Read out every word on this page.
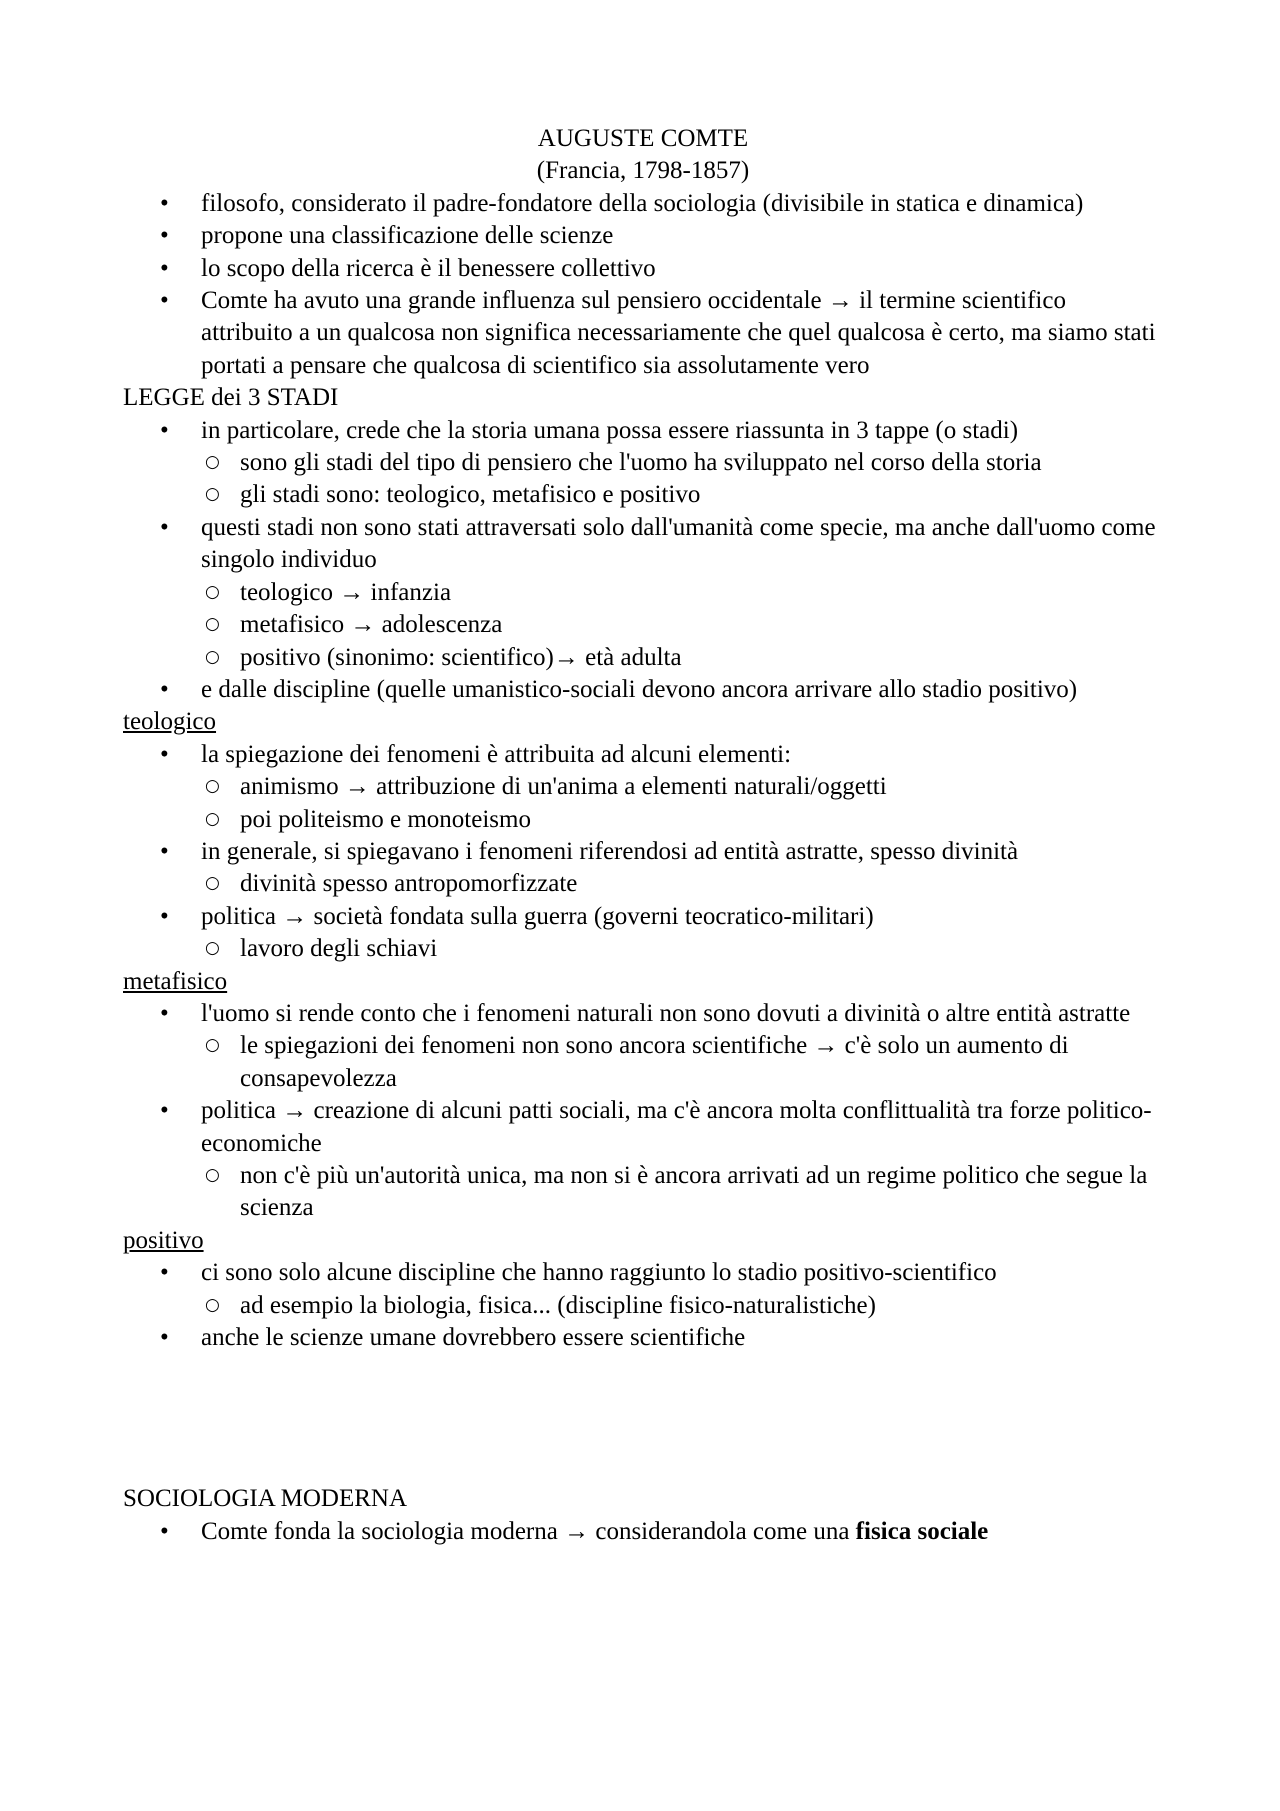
AUGUSTE COMTE
(Francia, 1798-1857)
• filosofo, considerato il padre-fondatore della sociologia (divisibile in statica e dinamica)
• propone una classificazione delle scienze
• lo scopo della ricerca è il benessere collettivo
• Comte ha avuto una grande influenza sul pensiero occidentale → il termine scientifico attribuito a un qualcosa non significa necessariamente che quel qualcosa è certo, ma siamo stati portati a pensare che qualcosa di scientifico sia assolutamente vero
LEGGE dei 3 STADI
• in particolare, crede che la storia umana possa essere riassunta in 3 tappe (o stadi)
○ sono gli stadi del tipo di pensiero che l'uomo ha sviluppato nel corso della storia
○ gli stadi sono: teologico, metafisico e positivo
• questi stadi non sono stati attraversati solo dall'umanità come specie, ma anche dall'uomo come singolo individuo
○ teologico → infanzia
○ metafisico → adolescenza
○ positivo (sinonimo: scientifico)→ età adulta
• e dalle discipline (quelle umanistico-sociali devono ancora arrivare allo stadio positivo)
teologico
• la spiegazione dei fenomeni è attribuita ad alcuni elementi:
○ animismo → attribuzione di un'anima a elementi naturali/oggetti
○ poi politeismo e monoteismo
• in generale, si spiegavano i fenomeni riferendosi ad entità astratte, spesso divinità
○ divinità spesso antropomorfizzate
• politica → società fondata sulla guerra (governi teocratico-militari)
○ lavoro degli schiavi
metafisico
• l'uomo si rende conto che i fenomeni naturali non sono dovuti a divinità o altre entità astratte
○ le spiegazioni dei fenomeni non sono ancora scientifiche → c'è solo un aumento di consapevolezza
• politica → creazione di alcuni patti sociali, ma c'è ancora molta conflittualità tra forze politico-economiche
○ non c'è più un'autorità unica, ma non si è ancora arrivati ad un regime politico che segue la scienza
positivo
• ci sono solo alcune discipline che hanno raggiunto lo stadio positivo-scientifico
○ ad esempio la biologia, fisica... (discipline fisico-naturalistiche)
• anche le scienze umane dovrebbero essere scientifiche
SOCIOLOGIA MODERNA
• Comte fonda la sociologia moderna → considerandola come una fisica sociale
